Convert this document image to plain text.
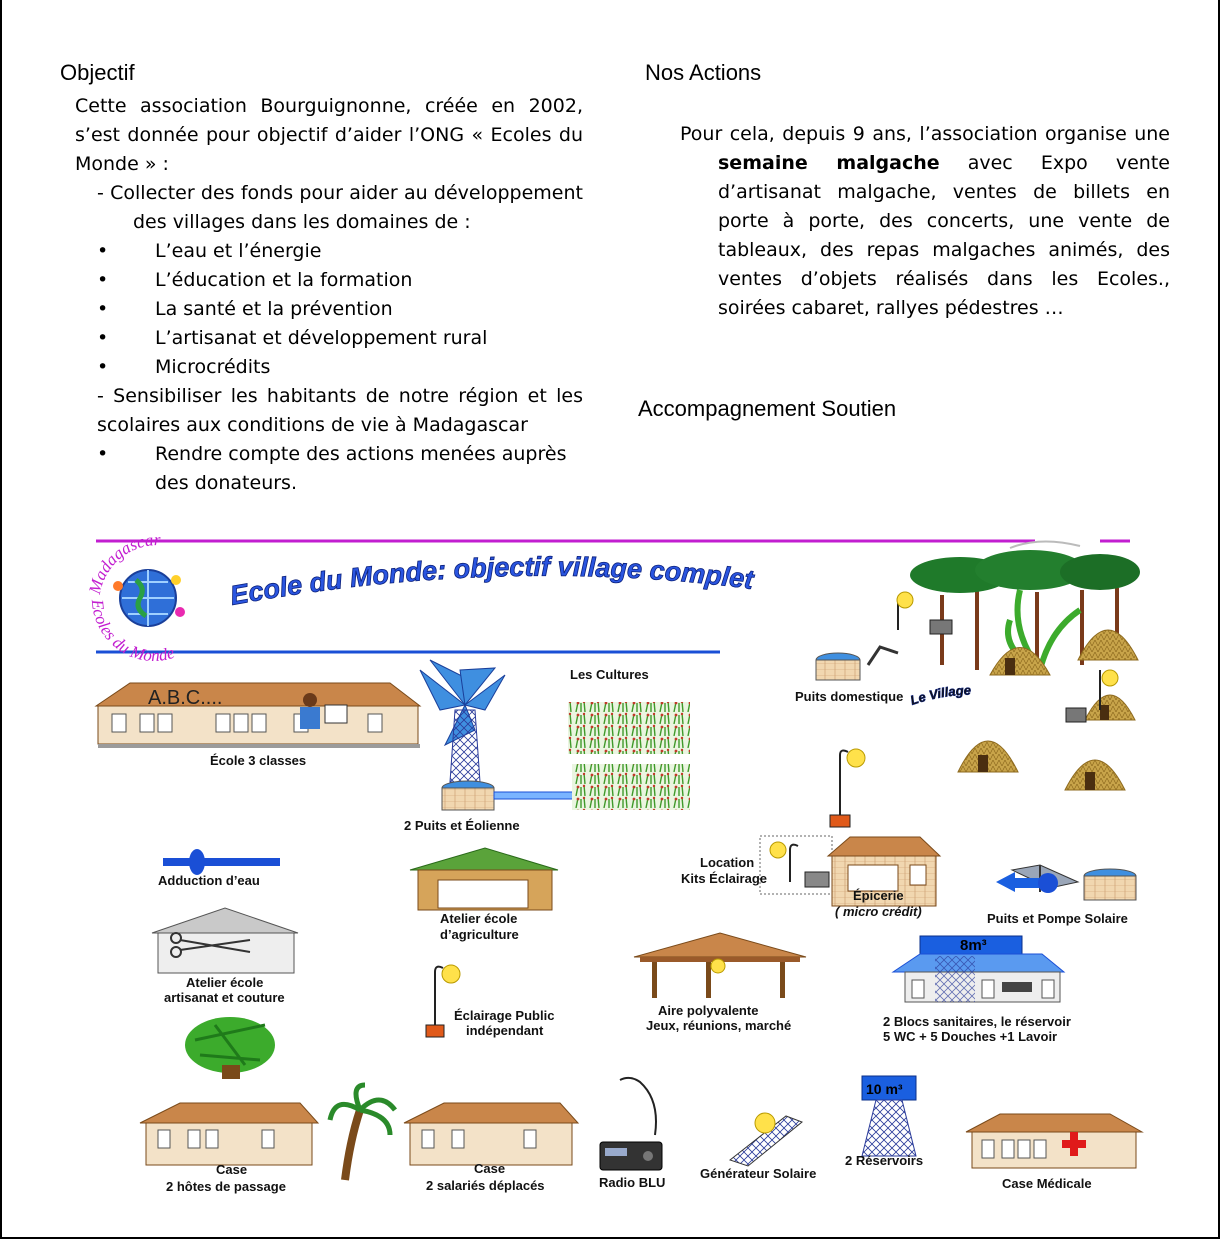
Objectif

Cette association Bourguignonne, créée en 2002, s’est donnée pour objectif d’aider l’ONG « Ecoles du Monde » :

- Collecter des fonds pour aider au développement des villages dans les domaines de :

• L’eau et l’énergie
• L’éducation et la formation
• La santé et la prévention
• L’artisanat et développement rural
• Microcrédits

- Sensibiliser les habitants de notre région et les scolaires aux conditions de vie à Madagascar

• Rendre compte des actions menées auprès des donateurs.
Nos Actions

Pour cela, depuis 9 ans, l’association organise une semaine malgache avec Expo vente d’artisanat malgache, ventes de billets en porte à porte, des concerts, une vente de tableaux, des repas malgaches animés, des ventes d’objets réalisés dans les Ecoles., soirées cabaret, rallyes pédestres …

Accompagnement Soutien
Madagascar
Ecoles du Monde
Ecole du Monde: objectif village complet
Le Village
Puits domestique
A.B.C....
École 3 classes
2 Puits et Éolienne
Les Cultures
Adduction d’eau
Atelier école
d’agriculture
Location
Kits Éclairage
Épicerie
( micro crédit)	Puits et Pompe Solaire
Atelier école
artisanat et couture
Éclairage Public
indépendant
Aire polyvalente
Jeux, réunions, marché
8m³
2 Blocs sanitaires, le réservoir
5 WC + 5 Douches +1 Lavoir
Case
2 hôtes de passage
Case
2 salariés déplacés	Radio BLU
Générateur Solaire
10 m³
2 Réservoirs
Case Médicale
